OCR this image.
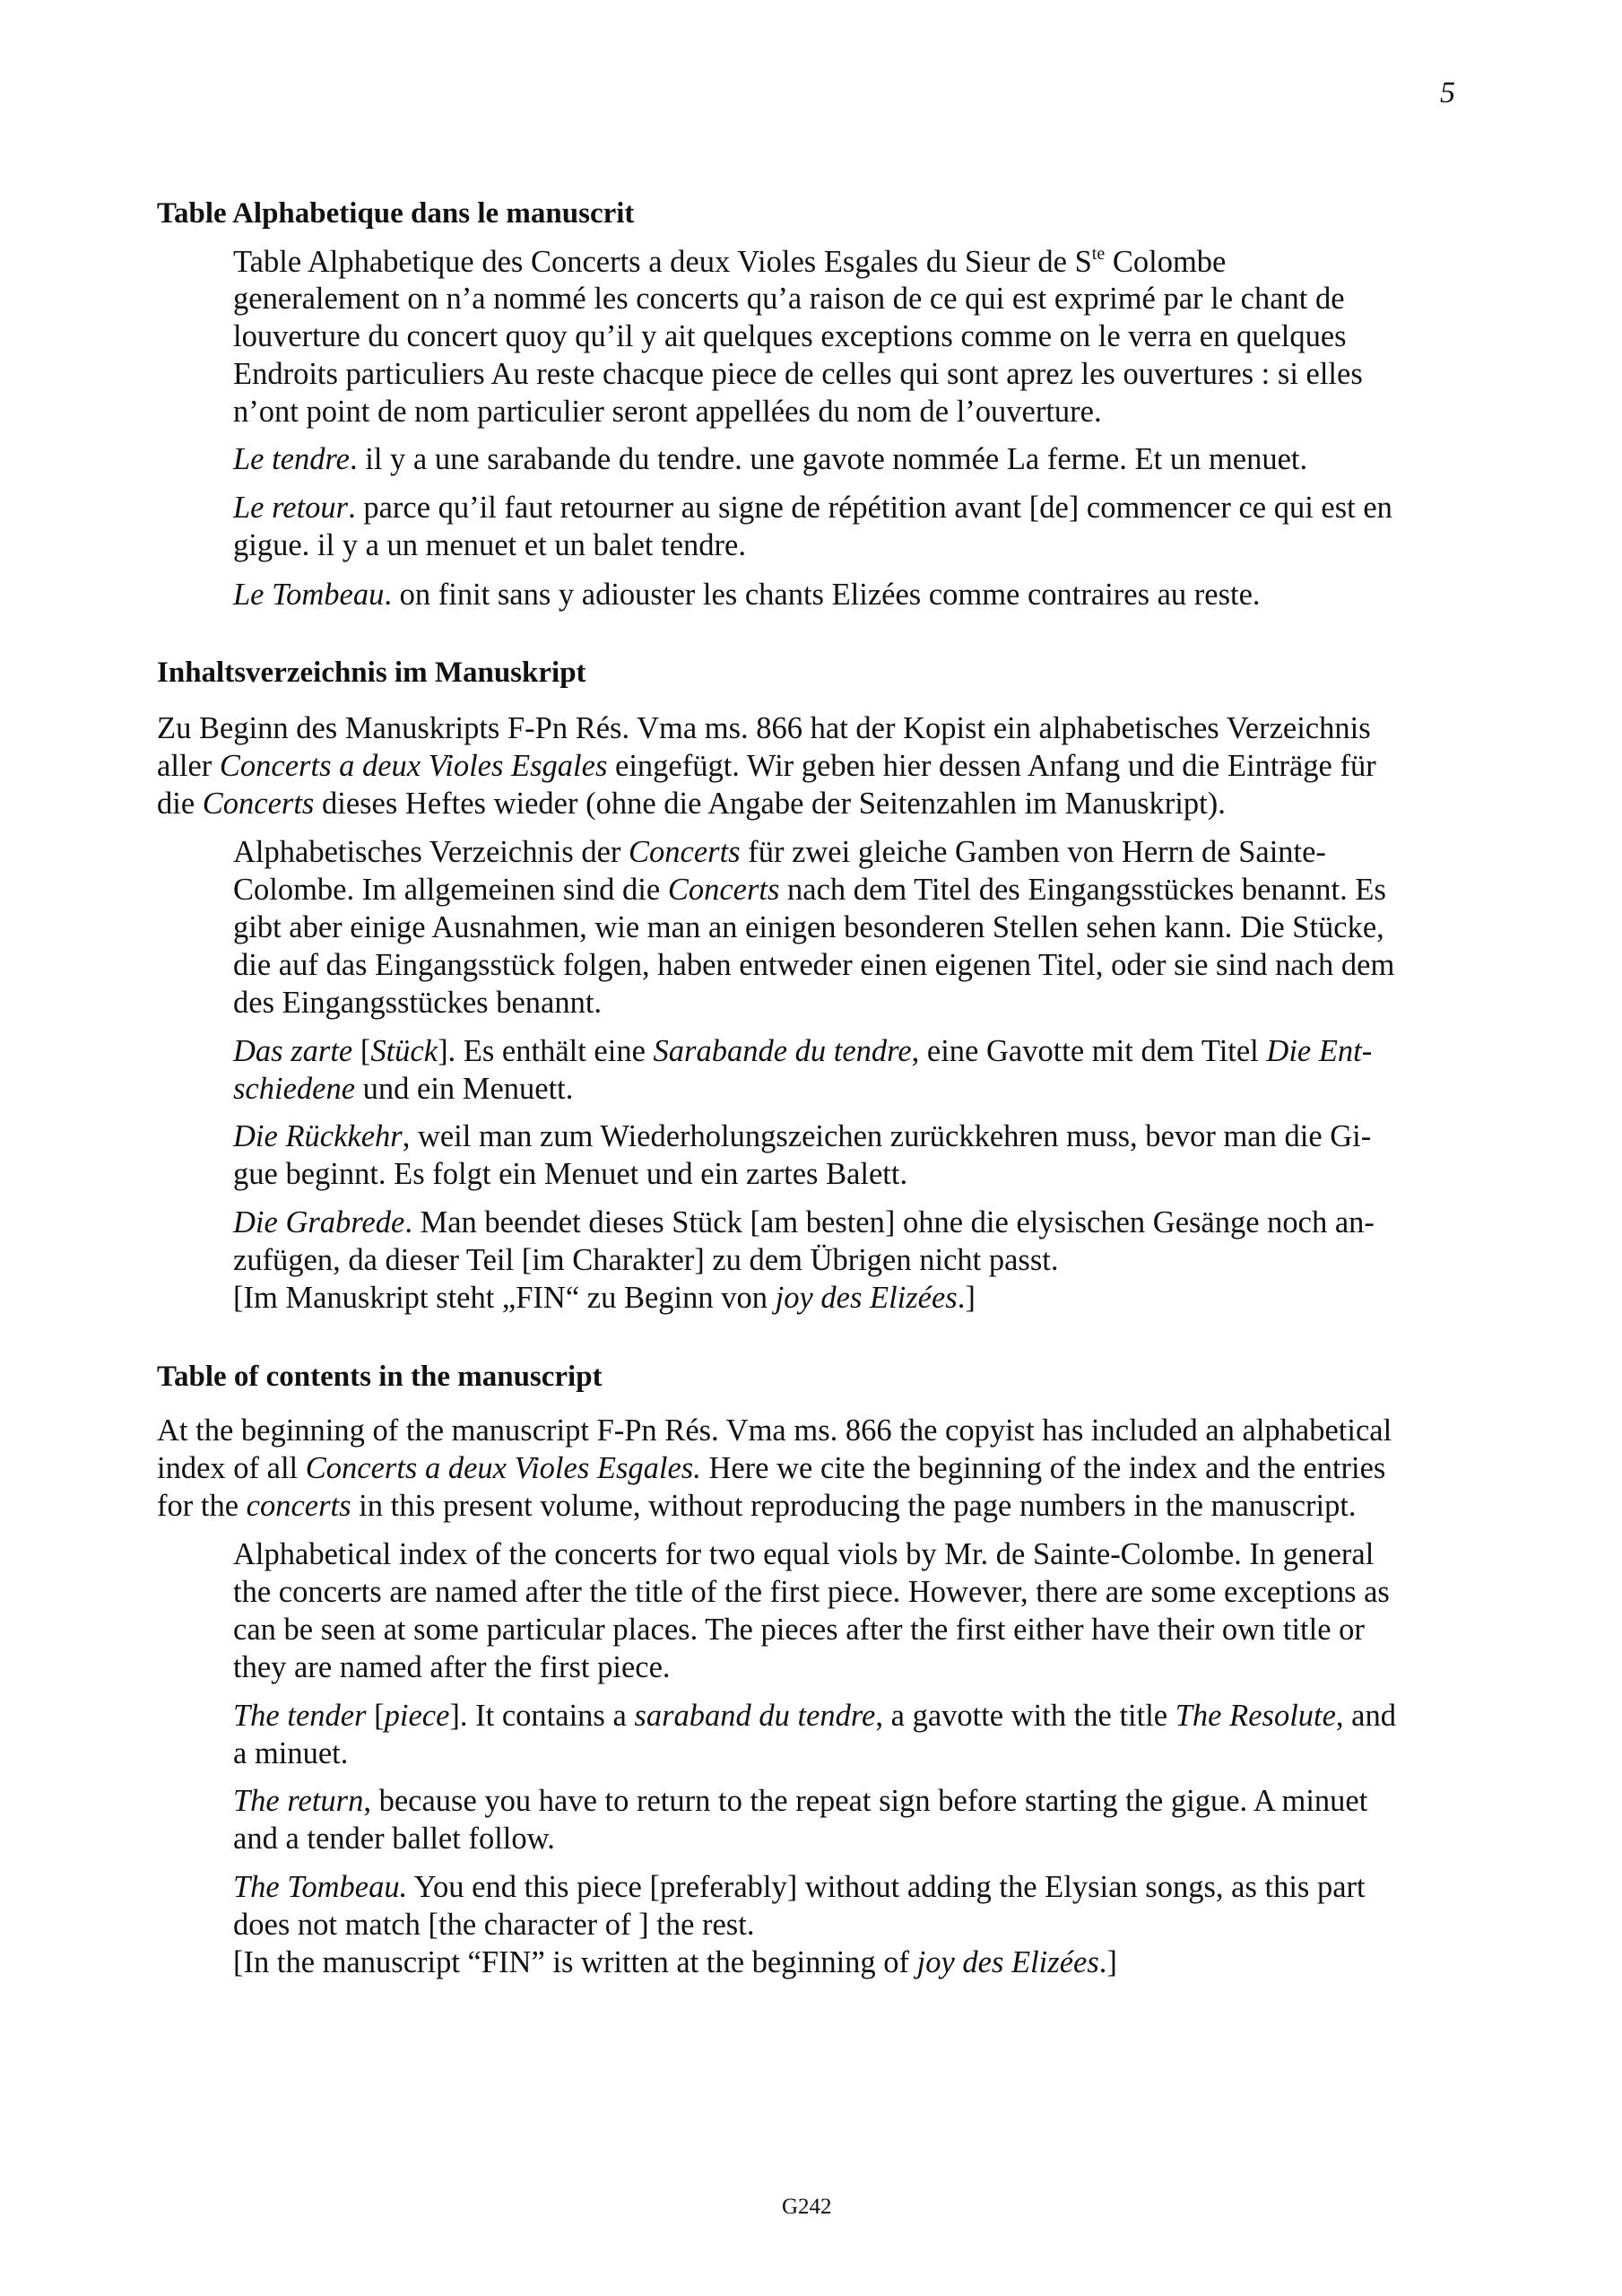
5
Table Alphabetique dans le manuscrit
Table Alphabetique des Concerts a deux Violes Esgales du Sieur de $S^{te}$ Colombe
generalement on n’a nommé les concerts qu’a raison de ce qui est exprimé par le chant de
louverture du concert quoy qu’il y ait quelques exceptions comme on le verra en quelques
Endroits particuliers Au reste chacque piece de celles qui sont aprez les ouvertures : si elles
n’ont point de nom particulier seront appellées du nom de l’ouverture.
Le tendre. il y a une sarabande du tendre. une gavote nommée La ferme. Et un menuet.
Le retour. parce qu’il faut retourner au signe de répétition avant [de] commencer ce qui est en
gigue. il y a un menuet et un balet tendre.
Le Tombeau. on finit sans y adiouster les chants Elizées comme contraires au reste.
Inhaltsverzeichnis im Manuskript
Zu Beginn des Manuskripts F-Pn Rés. Vma ms. 866 hat der Kopist ein alphabetisches Verzeichnis
aller Concerts a deux Violes Esgales eingefügt. Wir geben hier dessen Anfang und die Einträge für
die Concerts dieses Heftes wieder (ohne die Angabe der Seitenzahlen im Manuskript).
Alphabetisches Verzeichnis der Concerts für zwei gleiche Gamben von Herrn de Sainte-
Colombe. Im allgemeinen sind die Concerts nach dem Titel des Eingangsstückes benannt. Es
gibt aber einige Ausnahmen, wie man an einigen besonderen Stellen sehen kann. Die Stücke,
die auf das Eingangsstück folgen, haben entweder einen eigenen Titel, oder sie sind nach dem
des Eingangsstückes benannt.
Das zarte [Stück]. Es enthält eine Sarabande du tendre, eine Gavotte mit dem Titel Die Ent-
schiedene und ein Menuett.
Die Rückkehr, weil man zum Wiederholungszeichen zurückkehren muss, bevor man die Gi-
gue beginnt. Es folgt ein Menuet und ein zartes Balett.
Die Grabrede. Man beendet dieses Stück [am besten] ohne die elysischen Gesänge noch an-
zufügen, da dieser Teil [im Charakter] zu dem Übrigen nicht passt.
[Im Manuskript steht „FIN“ zu Beginn von joy des Elizées.]
Table of contents in the manuscript
At the beginning of the manuscript F-Pn Rés. Vma ms. 866 the copyist has included an alphabetical
index of all Concerts a deux Violes Esgales. Here we cite the beginning of the index and the entries
for the concerts in this present volume, without reproducing the page numbers in the manuscript.
Alphabetical index of the concerts for two equal viols by Mr. de Sainte-Colombe. In general
the concerts are named after the title of the first piece. However, there are some exceptions as
can be seen at some particular places. The pieces after the first either have their own title or
they are named after the first piece.
The tender [piece]. It contains a saraband du tendre, a gavotte with the title The Resolute, and
a minuet.
The return, because you have to return to the repeat sign before starting the gigue. A minuet
and a tender ballet follow.
The Tombeau. You end this piece [preferably] without adding the Elysian songs, as this part
does not match [the character of ] the rest.
[In the manuscript “FIN” is written at the beginning of joy des Elizées.]
G242
